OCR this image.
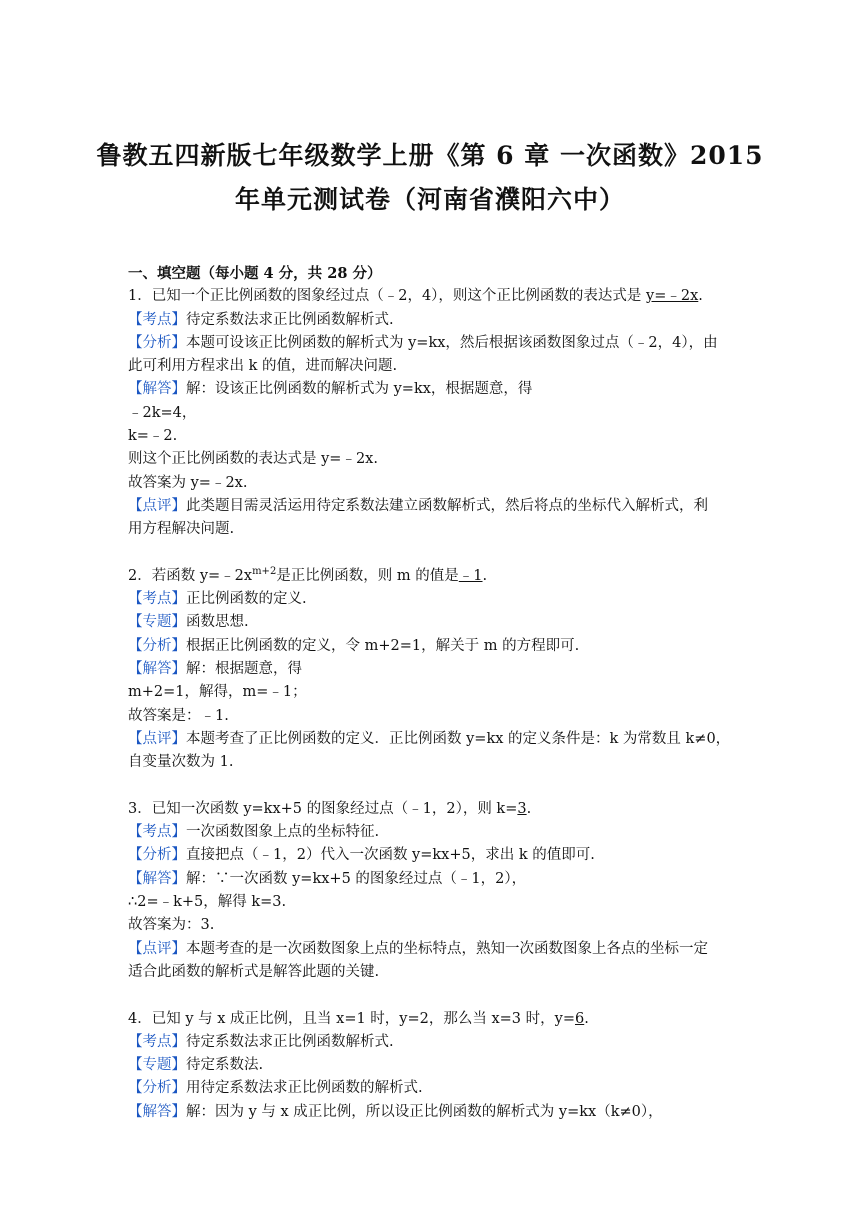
鲁教五四新版七年级数学上册《第 6 章 一次函数》2015
年单元测试卷（河南省濮阳六中）
一、填空题（每小题 4 分，共 28 分）
1．已知一个正比例函数的图象经过点（﹣2，4），则这个正比例函数的表达式是 y=﹣2x.
【考点】待定系数法求正比例函数解析式.
【分析】本题可设该正比例函数的解析式为 y=kx，然后根据该函数图象过点（﹣2，4），由
此可利用方程求出 k 的值，进而解决问题.
【解答】解：设该正比例函数的解析式为 y=kx，根据题意，得
﹣2k=4，
k=﹣2.
则这个正比例函数的表达式是 y=﹣2x.
故答案为 y=﹣2x.
【点评】此类题目需灵活运用待定系数法建立函数解析式，然后将点的坐标代入解析式，利
用方程解决问题.
2．若函数 $y=﹣2x^{m+2}$是正比例函数，则 m 的值是﹣1.
【考点】正比例函数的定义.
【专题】函数思想.
【分析】根据正比例函数的定义，令 m+2=1，解关于 m 的方程即可.
【解答】解：根据题意，得
m+2=1，解得，m=﹣1；
故答案是：﹣1.
【点评】本题考查了正比例函数的定义．正比例函数 y=kx 的定义条件是：k 为常数且 k≠0，
自变量次数为 1.
3．已知一次函数 y=kx+5 的图象经过点（﹣1，2），则 k=3.
【考点】一次函数图象上点的坐标特征.
【分析】直接把点（﹣1，2）代入一次函数 y=kx+5，求出 k 的值即可.
【解答】解：∵一次函数 y=kx+5 的图象经过点（﹣1，2），
∴2=﹣k+5，解得 k=3.
故答案为：3.
【点评】本题考查的是一次函数图象上点的坐标特点，熟知一次函数图象上各点的坐标一定
适合此函数的解析式是解答此题的关键.
4．已知 y 与 x 成正比例，且当 x=1 时，y=2，那么当 x=3 时，y=6.
【考点】待定系数法求正比例函数解析式.
【专题】待定系数法.
【分析】用待定系数法求正比例函数的解析式.
【解答】解：因为 y 与 x 成正比例，所以设正比例函数的解析式为 y=kx（k≠0），
